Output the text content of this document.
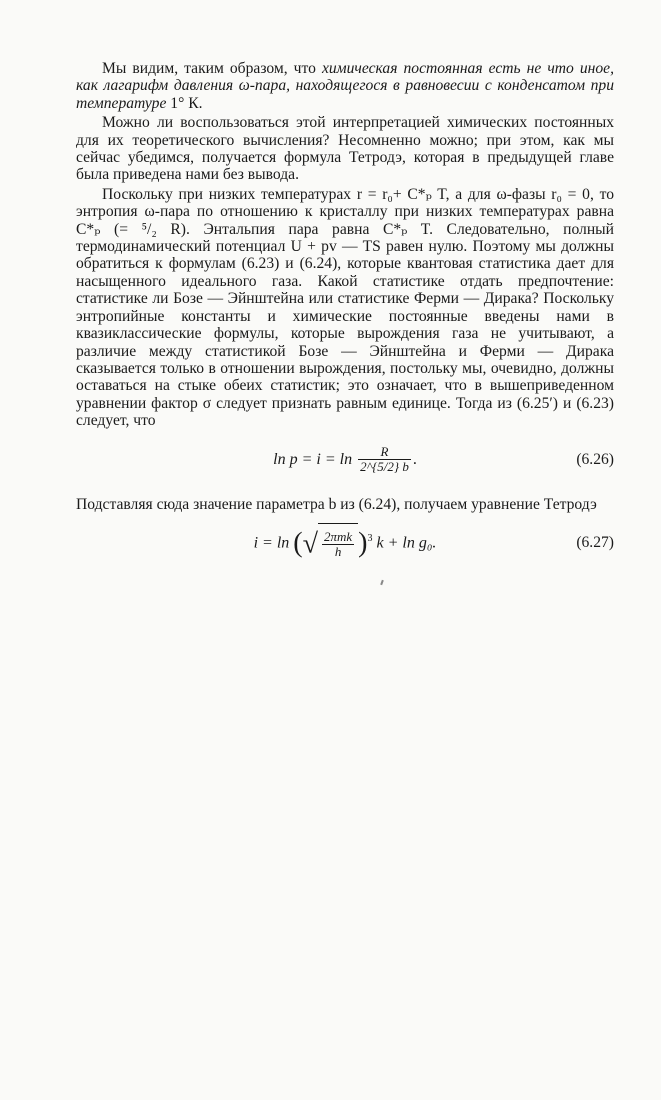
Мы видим, таким образом, что химическая постоянная есть не что иное, как лагарифм давления ω-пара, находящегося в равновесии с конденсатом при температуре 1° К.

Можно ли воспользоваться этой интерпретацией химических постоянных для их теоретического вычисления? Несомненно можно; при этом, как мы сейчас убедимся, получается формула Тетродэ, которая в предыдущей главе была приведена нами без вывода.

Поскольку при низких температурах r = r₀+ C*ₚ T, а для ω-фазы r₀ = 0, то энтропия ω-пара по отношению к кристаллу при низких температурах равна C*ₚ (= ⁵/₂ R). Энтальпия пара равна C*ₚ T. Следовательно, полный термодинамический потенциал U + pv — TS равен нулю. Поэтому мы должны обратиться к формулам (6.23) и (6.24), которые квантовая статистика дает для насыщенного идеального газа. Какой статистике отдать предпочтение: статистике ли Бозе — Эйнштейна или статистике Ферми — Дирака? Поскольку энтропийные константы и химические постоянные введены нами в квазиклассические формулы, которые вырождения газа не учитывают, а различие между статистикой Бозе — Эйнштейна и Ферми — Дирака сказывается только в отношении вырождения, постольку мы, очевидно, должны оставаться на стыке обеих статистик; это означает, что в вышеприведенном уравнении фактор σ следует признать равным единице. Тогда из (6.25′) и (6.23) следует, что

$\ln p = i = \ln \frac{R}{2\^{}\{5/2\} b}$ .	(6.26)

Подставляя сюда значение параметра b из (6.24), получаем уравнение Тетродэ

i = ln (√ $\frac{\text{2πmk}}{h} )^3$ k + ln g₀.	(6.27)
